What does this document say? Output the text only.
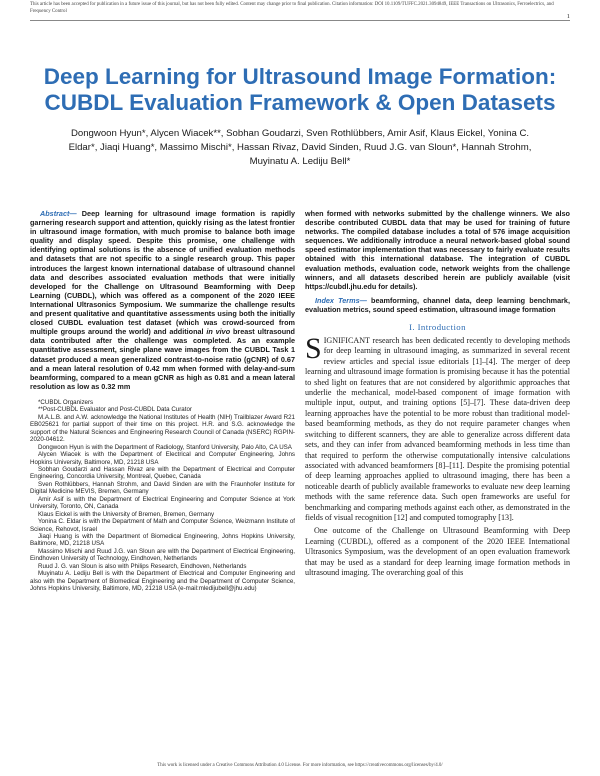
This article has been accepted for publication in a future issue of this journal, but has not been fully edited. Content may change prior to final publication. Citation information: DOI 10.1109/TUFFC.2021.3094849, IEEE Transactions on Ultrasonics, Ferroelectrics, and Frequency Control
1
Deep Learning for Ultrasound Image Formation: CUBDL Evaluation Framework & Open Datasets
Dongwoon Hyun*, Alycen Wiacek**, Sobhan Goudarzi, Sven Rothlübbers, Amir Asif, Klaus Eickel, Yonina C. Eldar*, Jiaqi Huang*, Massimo Mischi*, Hassan Rivaz, David Sinden, Ruud J.G. van Sloun*, Hannah Strohm, Muyinatu A. Lediju Bell*

Abstract— Deep learning for ultrasound image formation is rapidly garnering research support and attention, quickly rising as the latest frontier in ultrasound image formation, with much promise to balance both image quality and display speed. Despite this promise, one challenge with identifying optimal solutions is the absence of unified evaluation methods and datasets that are not specific to a single research group. This paper introduces the largest known international database of ultrasound channel data and describes associated evaluation methods that were initially developed for the Challenge on Ultrasound Beamforming with Deep Learning (CUBDL), which was offered as a component of the 2020 IEEE International Ultrasonics Symposium. We summarize the challenge results and present qualitative and quantitative assessments using both the initially closed CUBDL evaluation test dataset (which was crowd-sourced from multiple groups around the world) and additional in vivo breast ultrasound data contributed after the challenge was completed. As an example quantitative assessment, single plane wave images from the CUBDL Task 1 dataset produced a mean generalized contrast-to-noise ratio (gCNR) of 0.67 and a mean lateral resolution of 0.42 mm when formed with delay-and-sum beamforming, compared to a mean gCNR as high as 0.81 and a mean lateral resolution as low as 0.32 mm

*CUBDL Organizers

**Post-CUBDL Evaluator and Post-CUBDL Data Curator

M.A.L.B. and A.W. acknowledge the National Institutes of Health (NIH) Trailblazer Award R21 EB025621 for partial support of their time on this project. H.R. and S.G. acknowledge the support of the Natural Sciences and Engineering Research Council of Canada (NSERC) RGPIN-2020-04612.

Dongwoon Hyun is with the Department of Radiology, Stanford University, Palo Alto, CA USA

Alycen Wiacek is with the Department of Electrical and Computer Engineering, Johns Hopkins University, Baltimore, MD, 21218 USA

Sobhan Goudarzi and Hassan Rivaz are with the Department of Electrical and Computer Engineering, Concordia University, Montreal, Quebec, Canada

Sven Rothlübbers, Hannah Strohm, and David Sinden are with the Fraunhofer Institute for Digital Medicine MEVIS, Bremen, Germany

Amir Asif is with the Department of Electrical Engineering and Computer Science at York University, Toronto, ON, Canada

Klaus Eickel is with the University of Bremen, Bremen, Germany

Yonina C. Eldar is with the Department of Math and Computer Science, Weizmann Institute of Science, Rehovot, Israel

Jiaqi Huang is with the Department of Biomedical Engineering, Johns Hopkins University, Baltimore, MD, 21218 USA

Massimo Mischi and Ruud J.G. van Sloun are with the Department of Electrical Engineering, Eindhoven University of Technology, Eindhoven, Netherlands

Ruud J. G. van Sloun is also with Philips Research, Eindhoven, Netherlands

Muyinatu A. Lediju Bell is with the Department of Electrical and Computer Engineering and also with the Department of Biomedical Engineering and the Department of Computer Science, Johns Hopkins University, Baltimore, MD, 21218 USA (e-mail:mledijubell@jhu.edu)

when formed with networks submitted by the challenge winners. We also describe contributed CUBDL data that may be used for training of future networks. The compiled database includes a total of 576 image acquisition sequences. We additionally introduce a neural network-based global sound speed estimator implementation that was necessary to fairly evaluate results obtained with this international database. The integration of CUBDL evaluation methods, evaluation code, network weights from the challenge winners, and all datasets described herein are publicly available (visit https://cubdl.jhu.edu for details).

Index Terms— beamforming, channel data, deep learning benchmark, evaluation metrics, sound speed estimation, ultrasound image formation

I. Introduction

SIGNIFICANT research has been dedicated recently to developing methods for deep learning in ultrasound imaging, as summarized in several recent review articles and special issue editorials [1]–[4]. The merger of deep learning and ultrasound image formation is promising because it has the potential to shed light on features that are not considered by algorithmic approaches that underlie the mechanical, model-based component of image formation with multiple input, output, and training options [5]–[7]. These data-driven deep learning approaches have the potential to be more robust than traditional model-based beamforming methods, as they do not require parameter changes when switching to different scanners, they are able to generalize across different data sets, and they can infer from advanced beamforming methods in less time than that required to perform the otherwise computationally intensive calculations associated with advanced beamformers [8]–[11]. Despite the promising potential of deep learning approaches applied to ultrasound imaging, there has been a noticeable dearth of publicly available frameworks to evaluate new deep learning methods with the same reference data. Such open frameworks are useful for benchmarking and comparing methods against each other, as demonstrated in the fields of visual recognition [12] and computed tomography [13].

One outcome of the Challenge on Ultrasound Beamforming with Deep Learning (CUBDL), offered as a component of the 2020 IEEE International Ultrasonics Symposium, was the development of an open evaluation framework that may be used as a standard for deep learning image formation methods in ultrasound imaging. The overarching goal of this

This work is licensed under a Creative Commons Attribution 4.0 License. For more information, see https://creativecommons.org/licenses/by/4.0/
